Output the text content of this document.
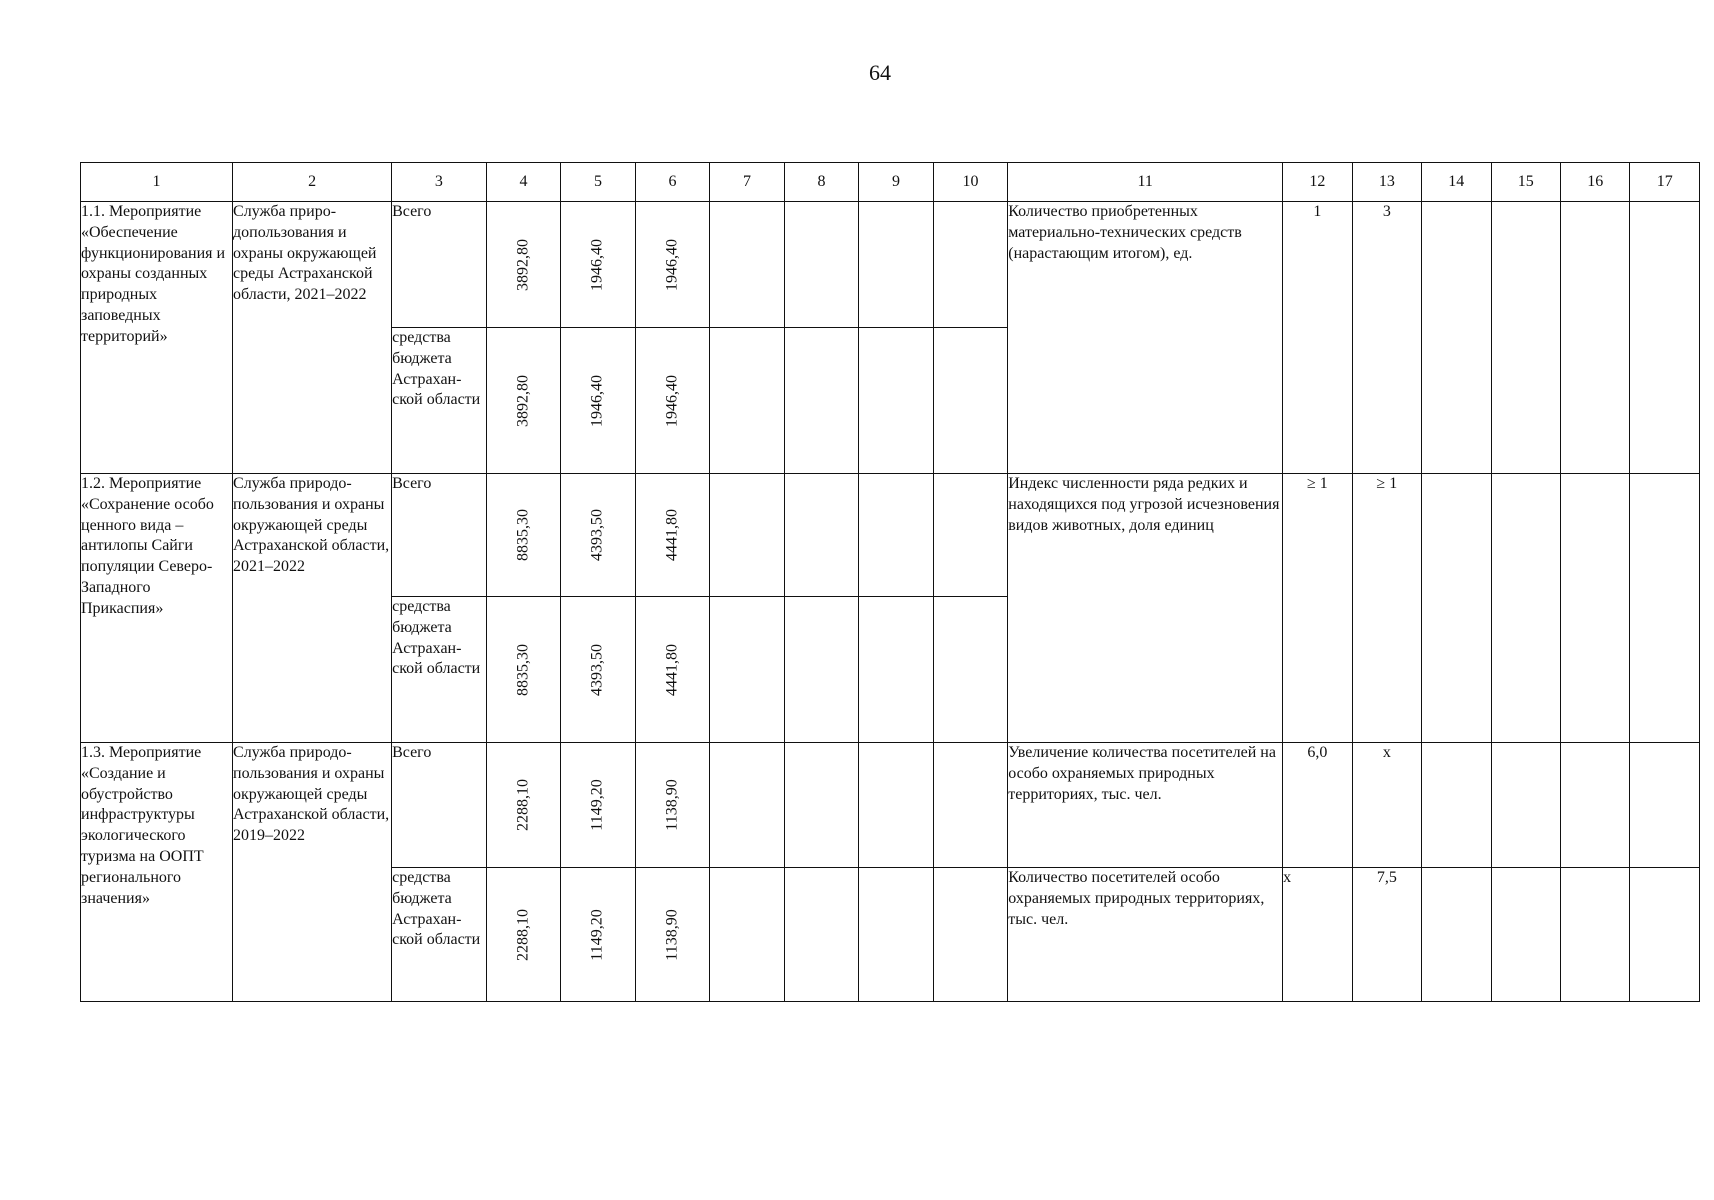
64
1	2	3	4	5	6	7	8	9	10	11	12	13	14	15	16	17
1.1. Мероприятие «Обеспечение функционирования и охраны созданных природных заповедных территорий»	Служба природопользования и охраны окружающей среды Астраханской области, 2021–2022	Всего	3892,80	1946,40	1946,40					Количество приобретенных материально-технических средств (нарастающим итогом), ед.	1	3				
		средства бюджета Астраханской области	3892,80	1946,40	1946,40											

1.2. Мероприятие «Сохранение особо ценного вида – антилопы Сайги популяции Северо-Западного Прикаспия»	Служба природопользования и охраны окружающей среды Астраханской области, 2021–2022	Всего	8835,30	4393,50	4441,80					Индекс численности ряда редких и находящихся под угрозой исчезновения видов животных, доля единиц	≥ 1	≥ 1				
		средства бюджета Астраханской области	8835,30	4393,50	4441,80											

1.3. Мероприятие «Создание и обустройство инфраструктуры экологического туризма на ООПТ регионального значения»	Служба природопользования и охраны окружающей среды Астраханской области, 2019–2022	Всего	2288,10	1149,20	1138,90					Увеличение количества посетителей на особо охраняемых природных территориях, тыс. чел.	6,0	x				
		средства бюджета Астраханской области	2288,10	1149,20	1138,90					Количество посетителей особо охраняемых природных территориях, тыс. чел.	x	7,5				
